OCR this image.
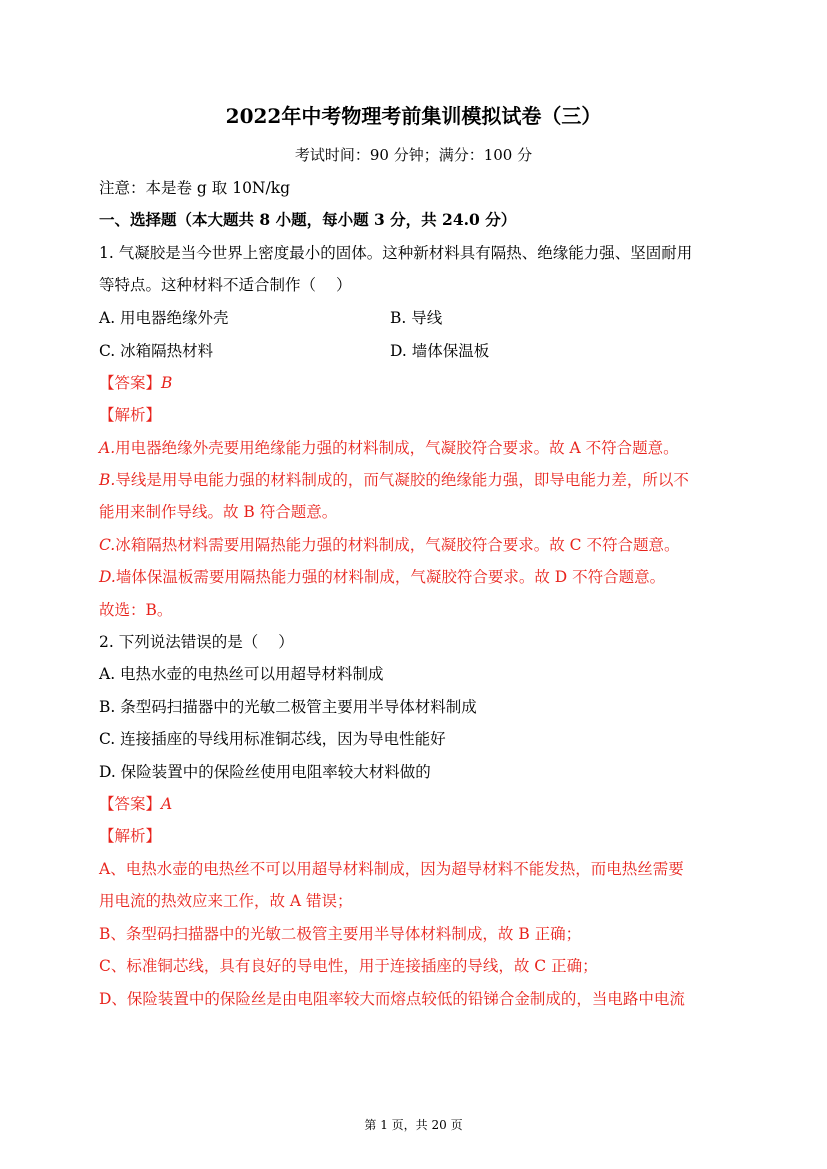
2022年中考物理考前集训模拟试卷（三）
考试时间：90 分钟；满分：100 分
注意：本是卷 g 取 10N/kg
一、选择题（本大题共 8 小题，每小题 3 分，共 24.0 分）
1. 气凝胶是当今世界上密度最小的固体。这种新材料具有隔热、绝缘能力强、坚固耐用
等特点。这种材料不适合制作（ ）
A. 用电器绝缘外壳	B. 导线
C. 冰箱隔热材料	D. 墙体保温板
【答案】B
【解析】
A.用电器绝缘外壳要用绝缘能力强的材料制成，气凝胶符合要求。故 A 不符合题意。
B.导线是用导电能力强的材料制成的，而气凝胶的绝缘能力强，即导电能力差，所以不
能用来制作导线。故 B 符合题意。
C.冰箱隔热材料需要用隔热能力强的材料制成，气凝胶符合要求。故 C 不符合题意。
D.墙体保温板需要用隔热能力强的材料制成，气凝胶符合要求。故 D 不符合题意。
故选：B。
2. 下列说法错误的是（ ）
A. 电热水壶的电热丝可以用超导材料制成
B. 条型码扫描器中的光敏二极管主要用半导体材料制成
C. 连接插座的导线用标准铜芯线，因为导电性能好
D. 保险装置中的保险丝使用电阻率较大材料做的
【答案】A
【解析】
A、电热水壶的电热丝不可以用超导材料制成，因为超导材料不能发热，而电热丝需要
用电流的热效应来工作，故 A 错误；
B、条型码扫描器中的光敏二极管主要用半导体材料制成，故 B 正确；
C、标准铜芯线，具有良好的导电性，用于连接插座的导线，故 C 正确；
D、保险装置中的保险丝是由电阻率较大而熔点较低的铅锑合金制成的，当电路中电流
第 1 页，共 20 页
